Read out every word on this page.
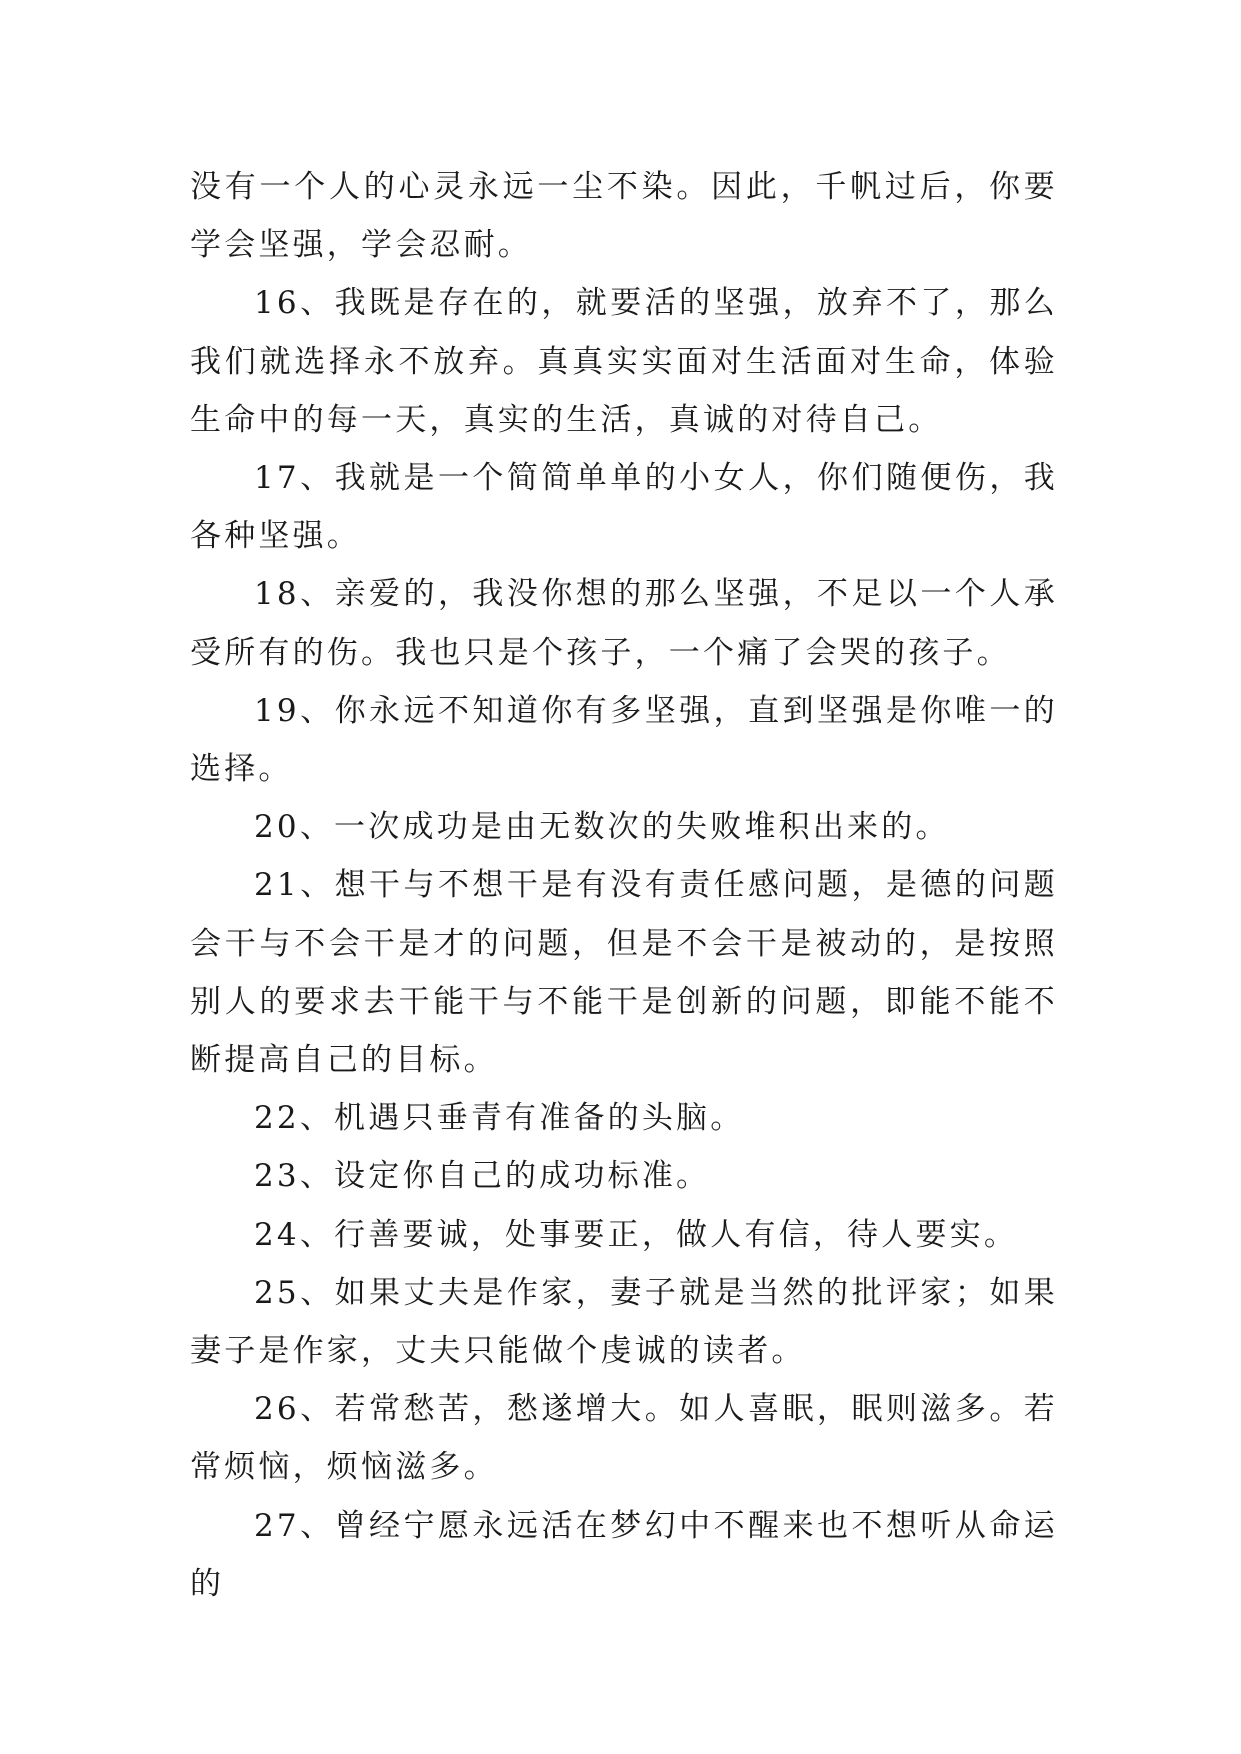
没有一个人的心灵永远一尘不染。因此，千帆过后，你要学会坚强，学会忍耐。

16、我既是存在的，就要活的坚强，放弃不了，那么我们就选择永不放弃。真真实实面对生活面对生命，体验生命中的每一天，真实的生活，真诚的对待自己。

17、我就是一个简简单单的小女人，你们随便伤，我各种坚强。

18、亲爱的，我没你想的那么坚强，不足以一个人承受所有的伤。我也只是个孩子，一个痛了会哭的孩子。

19、你永远不知道你有多坚强，直到坚强是你唯一的选择。

20、一次成功是由无数次的失败堆积出来的。

21、想干与不想干是有没有责任感问题，是德的问题会干与不会干是才的问题，但是不会干是被动的，是按照别人的要求去干能干与不能干是创新的问题，即能不能不断提高自己的目标。

22、机遇只垂青有准备的头脑。

23、设定你自己的成功标准。

24、行善要诚，处事要正，做人有信，待人要实。

25、如果丈夫是作家，妻子就是当然的批评家；如果妻子是作家，丈夫只能做个虔诚的读者。

26、若常愁苦，愁遂增大。如人喜眠，眠则滋多。若常烦恼，烦恼滋多。

27、曾经宁愿永远活在梦幻中不醒来也不想听从命运的
